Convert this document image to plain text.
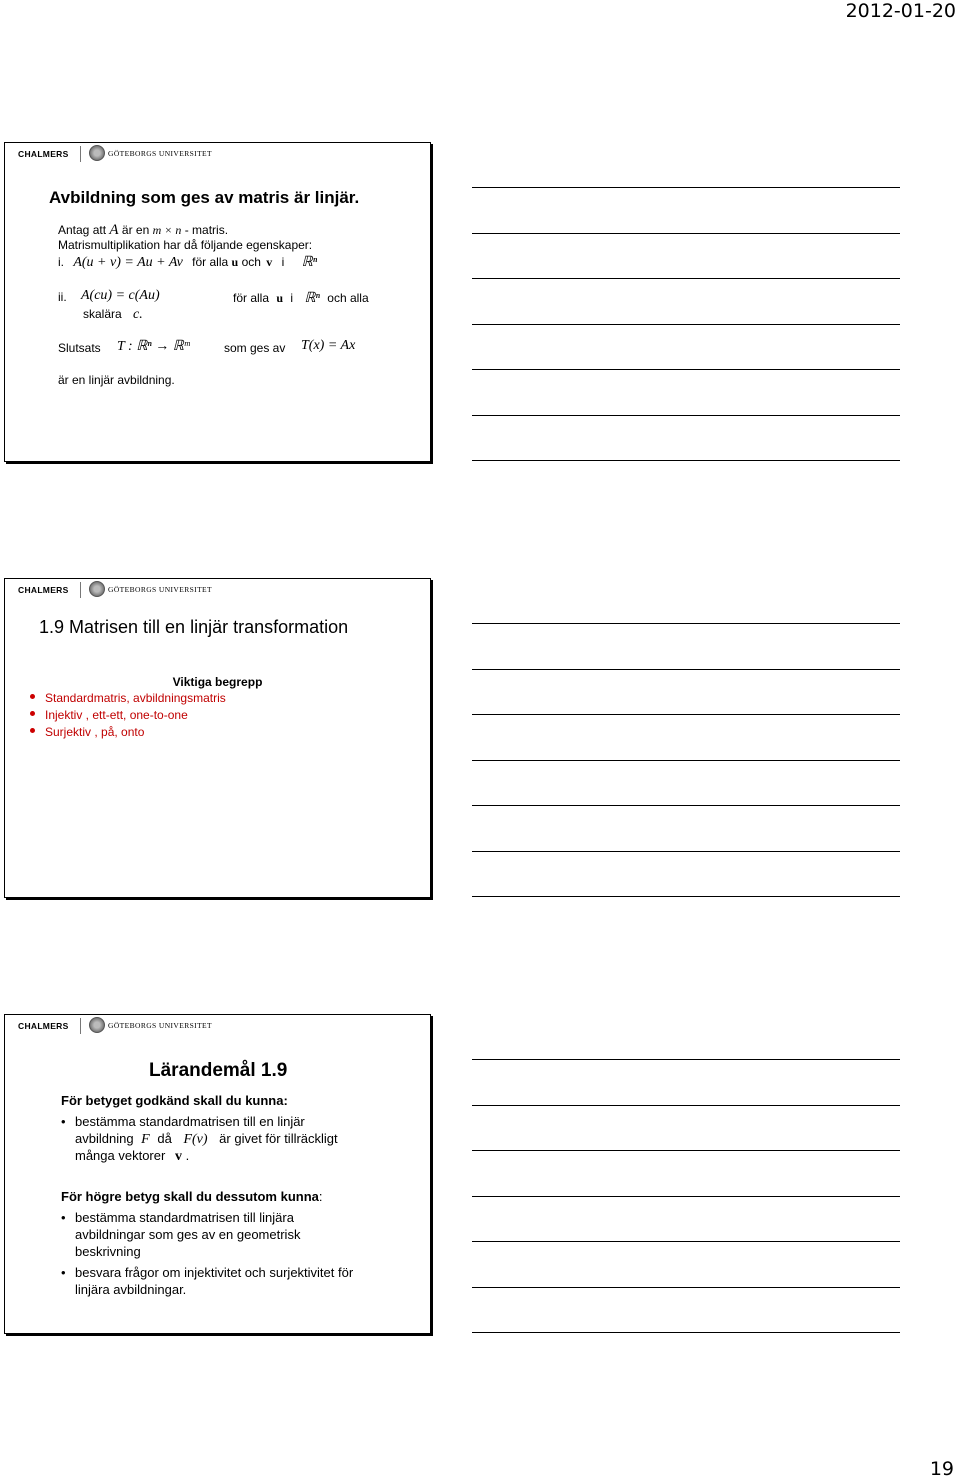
2012-01-20
CHALMERS	GÖTEBORGS UNIVERSITET
Avbildning som ges av matris är linjär.
Antag att A är en m × n - matris.
Matrismultiplikation har då följande egenskaper:
i. A(u + v) = Au + Av för alla u och v i ℝⁿ
ii. A(cu) = c(Au)	för alla u i ℝⁿ och alla
skalära c.
Slutsats T : ℝⁿ → ℝᵐ	som ges av T(x) = Ax
är en linjär avbildning.
CHALMERS	GÖTEBORGS UNIVERSITET
1.9 Matrisen till en linjär transformation
Viktiga begrepp
Standardmatris, avbildningsmatris
Injektiv , ett-ett, one-to-one
Surjektiv , på, onto
CHALMERS	GÖTEBORGS UNIVERSITET
Lärandemål 1.9
För betyget godkänd skall du kunna:
• bestämma standardmatrisen till en linjär
avbildning F då F(v) är givet för tillräckligt
många vektorer v .
För högre betyg skall du dessutom kunna:
• bestämma standardmatrisen till linjära
avbildningar som ges av en geometrisk
beskrivning
• besvara frågor om injektivitet och surjektivitet för
linjära avbildningar.
19
